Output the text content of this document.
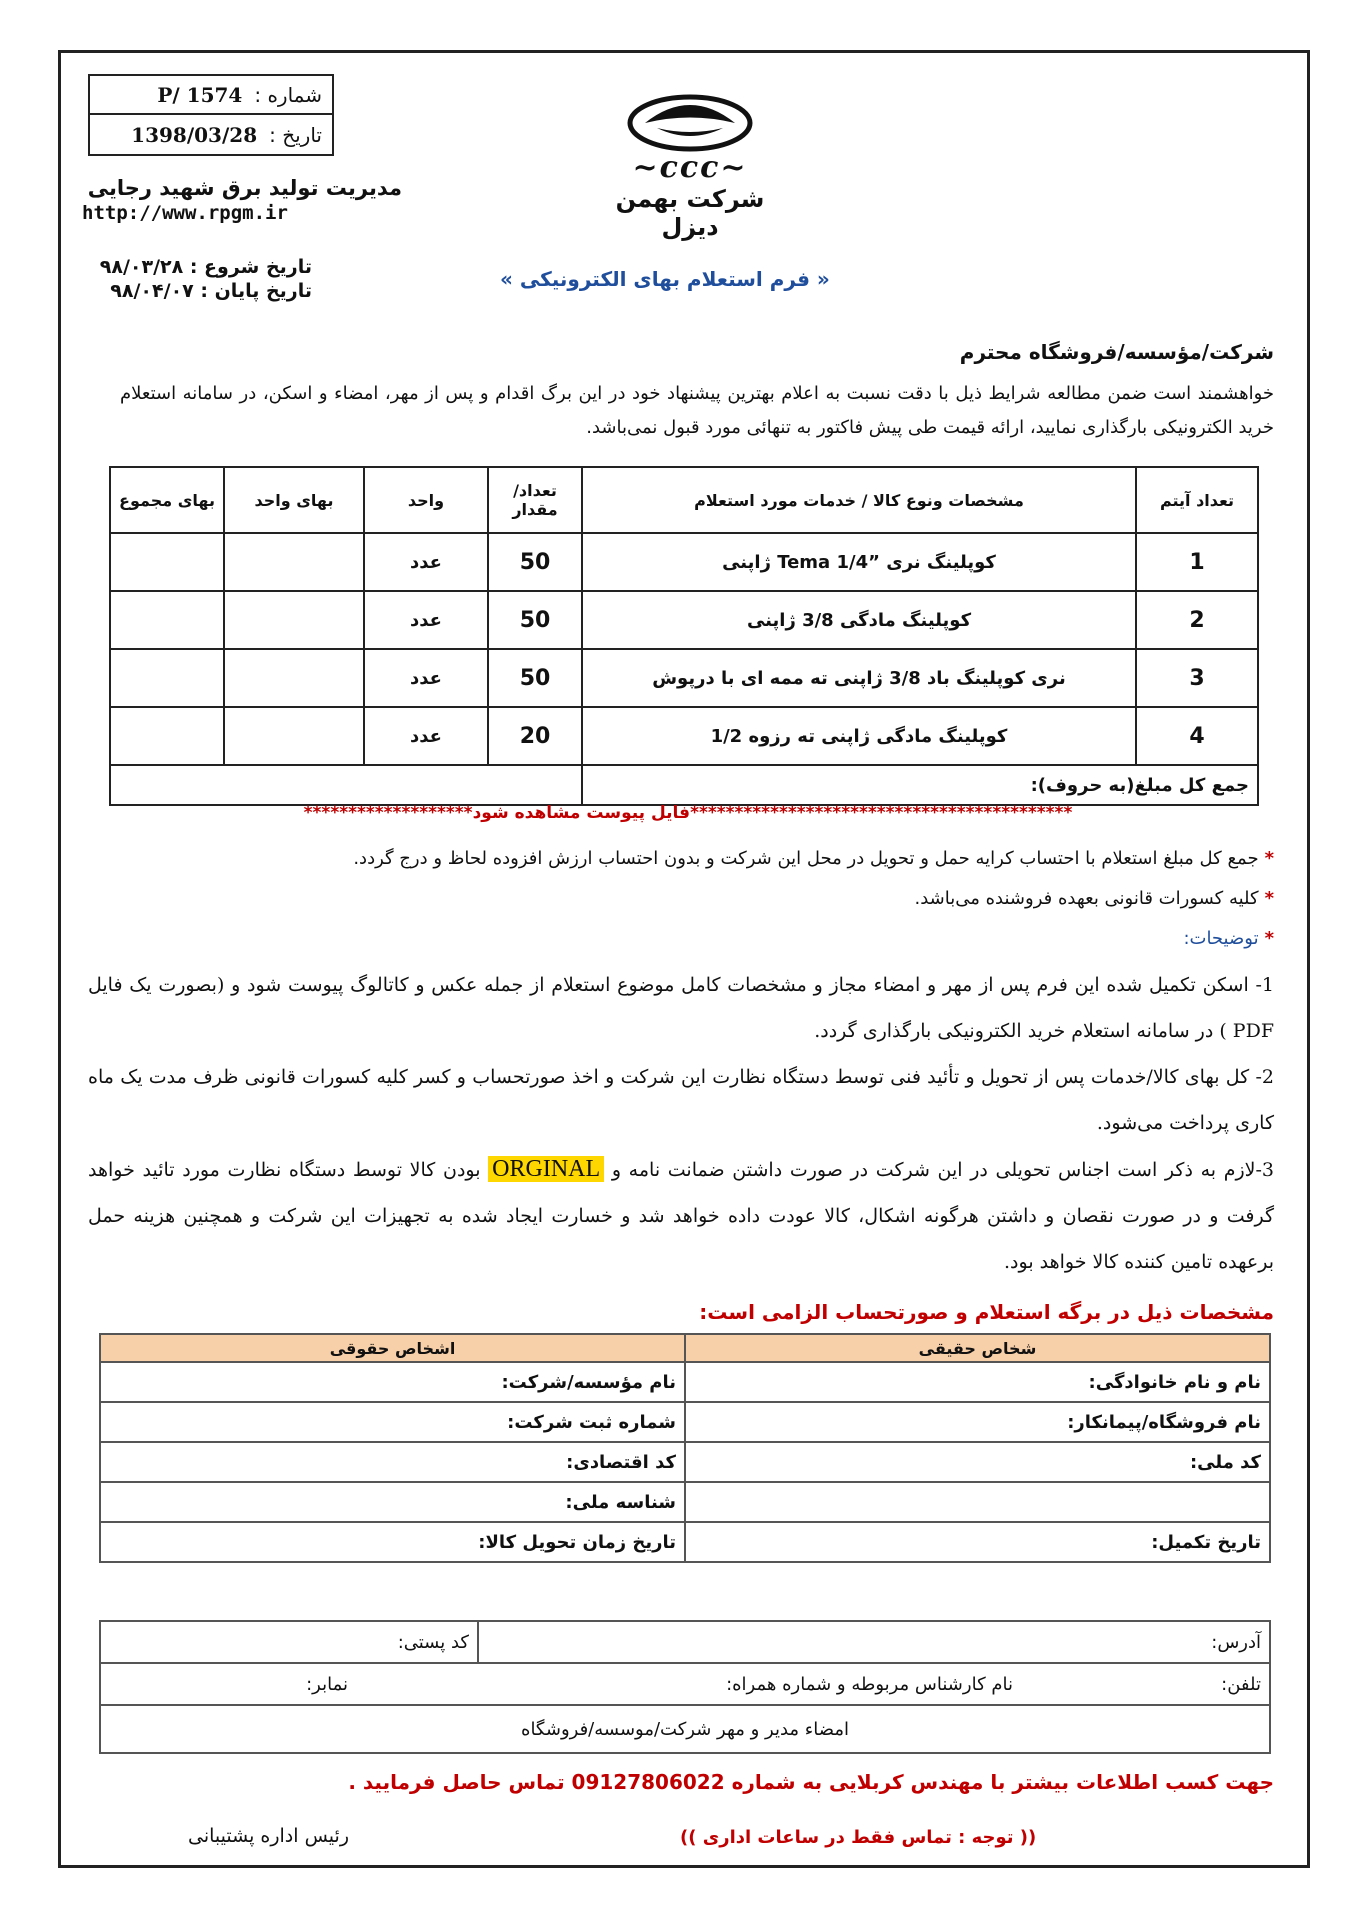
شماره :
P/ 1574
تاریخ :
1398/03/28
~ccc~
شرکت بهمن دیزل
مدیریت تولید برق شهید رجایی
http://www.rpgm.ir
تاریخ شروع : ۹۸/۰۳/۲۸
تاریخ پایان : ۹۸/۰۴/۰۷	« فرم استعلام بهای الکترونیکی »
شرکت/مؤسسه/فروشگاه محترم
خواهشمند است ضمن مطالعه شرایط ذیل با دقت نسبت به اعلام بهترین پیشنهاد خود در این برگ اقدام و پس از مهر، امضاء و اسکن، در سامانه استعلام خرید الکترونیکی بارگذاری نمایید، ارائه قیمت طی پیش فاکتور به تنهائی مورد قبول نمی‌باشد.
تعداد آیتم	مشخصات ونوع کالا / خدمات مورد استعلام	تعداد/ مقدار	واحد	بهای واحد	بهای مجموع
1	کوپلینگ نری ”Tema 1/4 ژاپنی	50	عدد		
2	کوپلینگ مادگی 3/8 ژاپنی	50	عدد		
3	نری کوپلینگ باد 3/8 ژاپنی ته ممه ای با درپوش	50	عدد		
4	کوپلینگ مادگی ژاپنی ته رزوه 1/2	20	عدد		
جمع کل مبلغ(به حروف):					
*******************فایل پیوست مشاهده شود*******************************************
*جمع کل مبلغ استعلام با احتساب کرایه حمل و تحویل در محل این شرکت و بدون احتساب ارزش افزوده لحاظ و درج گردد.
*کلیه کسورات قانونی بعهده فروشنده می‌باشد.
*توضیحات:
1- اسکن تکمیل شده این فرم پس از مهر و امضاء مجاز و مشخصات کامل موضوع استعلام از جمله عکس و کاتالوگ پیوست شود و (بصورت یک فایل PDF ) در سامانه استعلام خرید الکترونیکی بارگذاری گردد.
2- کل بهای کالا/خدمات پس از تحویل و تأئید فنی توسط دستگاه نظارت این شرکت و اخذ صورتحساب و کسر کلیه کسورات قانونی ظرف مدت یک ماه کاری پرداخت می‌شود.
3-لازم به ذکر است اجناس تحویلی در این شرکت در صورت داشتن ضمانت نامه و ORGINAL بودن کالا توسط دستگاه نظارت مورد تائید خواهد گرفت و در صورت نقصان و داشتن هرگونه اشکال، کالا عودت داده خواهد شد و خسارت ایجاد شده به تجهیزات این شرکت و همچنین هزینه حمل برعهده تامین کننده کالا خواهد بود.
مشخصات ذیل در برگه استعلام و صورتحساب الزامی است:
شخاص حقیقی	اشخاص حقوقی
نام و نام خانوادگی:	نام مؤسسه/شرکت:
نام فروشگاه/پیمانکار:	شماره ثبت شرکت:
کد ملی:	کد اقتصادی:
	شناسه ملی:
تاریخ تکمیل:	تاریخ زمان تحویل کالا:
آدرس:		کد پستی:
تلفن:	نام کارشناس مربوطه و شماره همراه:	نمابر:
امضاء مدیر و مهر شرکت/موسسه/فروشگاه		
جهت کسب اطلاعات بیشتر با مهندس کربلایی به شماره 09127806022 تماس حاصل فرمایید .
رئیس اداره پشتیبانی	(( توجه : تماس فقط در ساعات اداری ))
